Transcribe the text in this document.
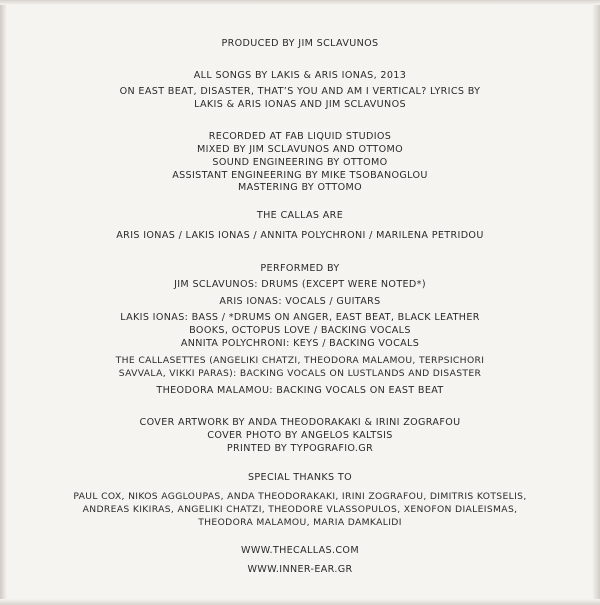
PRODUCED BY JIM SCLAVUNOS
ALL SONGS BY LAKIS & ARIS IONAS, 2013
ON EAST BEAT, DISASTER, THAT’S YOU AND AM I VERTICAL? LYRICS BY
LAKIS & ARIS IONAS AND JIM SCLAVUNOS
RECORDED AT FAB LIQUID STUDIOS
MIXED BY JIM SCLAVUNOS AND OTTOMO
SOUND ENGINEERING BY OTTOMO
ASSISTANT ENGINEERING BY MIKE TSOBANOGLOU
MASTERING BY OTTOMO
THE CALLAS ARE
ARIS IONAS / LAKIS IONAS / ANNITA POLYCHRONI / MARILENA PETRIDOU
PERFORMED BY
JIM SCLAVUNOS: DRUMS (EXCEPT WERE NOTED*)
ARIS IONAS: VOCALS / GUITARS
LAKIS IONAS: BASS / *DRUMS ON ANGER, EAST BEAT, BLACK LEATHER
BOOKS, OCTOPUS LOVE / BACKING VOCALS
ANNITA POLYCHRONI: KEYS / BACKING VOCALS
THE CALLASETTES (ANGELIKI CHATZI, THEODORA MALAMOU, TERPSICHORI
SAVVALA, VIKKI PARAS): BACKING VOCALS ON LUSTLANDS AND DISASTER
THEODORA MALAMOU: BACKING VOCALS ON EAST BEAT
COVER ARTWORK BY ANDA THEODORAKAKI & IRINI ZOGRAFOU
COVER PHOTO BY ANGELOS KALTSIS
PRINTED BY TYPOGRAFIO.GR
SPECIAL THANKS TO
PAUL COX, NIKOS AGGLOUPAS, ANDA THEODORAKAKI, IRINI ZOGRAFOU, DIMITRIS KOTSELIS,
ANDREAS KIKIRAS, ANGELIKI CHATZI, THEODORE VLASSOPULOS, XENOFON DIALEISMAS,
THEODORA MALAMOU, MARIA DAMKALIDI
WWW.THECALLAS.COM
WWW.INNER-EAR.GR
